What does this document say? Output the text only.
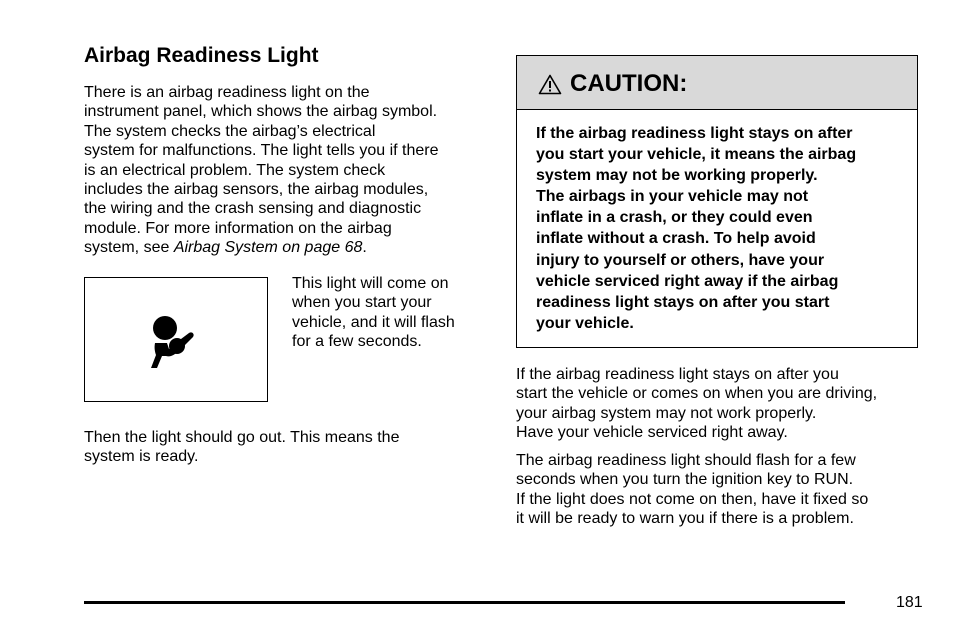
Airbag Readiness Light

There is an airbag readiness light on the
instrument panel, which shows the airbag symbol.
The system checks the airbag’s electrical
system for malfunctions. The light tells you if there
is an electrical problem. The system check
includes the airbag sensors, the airbag modules,
the wiring and the crash sensing and diagnostic
module. For more information on the airbag
system, see Airbag System on page 68.

This light will come on
when you start your
vehicle, and it will flash
for a few seconds.

Then the light should go out. This means the
system is ready.

CAUTION:
If the airbag readiness light stays on after
you start your vehicle, it means the airbag
system may not be working properly.
The airbags in your vehicle may not
inflate in a crash, or they could even
inflate without a crash. To help avoid
injury to yourself or others, have your
vehicle serviced right away if the airbag
readiness light stays on after you start
your vehicle.

If the airbag readiness light stays on after you
start the vehicle or comes on when you are driving,
your airbag system may not work properly.
Have your vehicle serviced right away.

The airbag readiness light should flash for a few
seconds when you turn the ignition key to RUN.
If the light does not come on then, have it fixed so
it will be ready to warn you if there is a problem.

181
